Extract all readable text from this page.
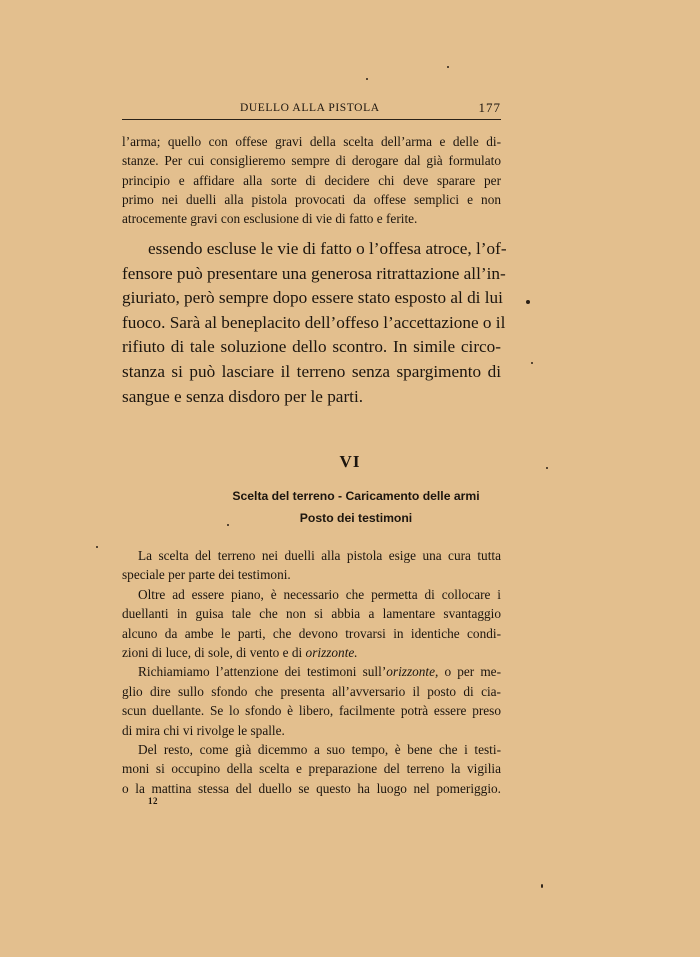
DUELLO ALLA PISTOLA	177
l’arma; quello con offese gravi della scelta dell’arma e delle di-
stanze. Per cui consiglieremo sempre di derogare dal già formulato
principio e affidare alla sorte di decidere chi deve sparare per
primo nei duelli alla pistola provocati da offese semplici e non
atrocemente gravi con esclusione di vie di fatto e ferite.
essendo escluse le vie di fatto o l’offesa atroce, l’of-
fensore può presentare una generosa ritrattazione all’in-
giuriato, però sempre dopo essere stato esposto al di lui
fuoco. Sarà al beneplacito dell’offeso l’accettazione o il
rifiuto di tale soluzione dello scontro. In simile circo-
stanza si può lasciare il terreno senza spargimento di
sangue e senza disdoro per le parti.
VI
Scelta del terreno - Caricamento delle armi
Posto dei testimoni
La scelta del terreno nei duelli alla pistola esige una cura tutta
speciale per parte dei testimoni.
Oltre ad essere piano, è necessario che permetta di collocare i
duellanti in guisa tale che non si abbia a lamentare svantaggio
alcuno da ambe le parti, che devono trovarsi in identiche condi-
zioni di luce, di sole, di vento e di orizzonte.
Richiamiamo l’attenzione dei testimoni sull’orizzonte, o per me-
glio dire sullo sfondo che presenta all’avversario il posto di cia-
scun duellante. Se lo sfondo è libero, facilmente potrà essere preso
di mira chi vi rivolge le spalle.
Del resto, come già dicemmo a suo tempo, è bene che i testi-
moni si occupino della scelta e preparazione del terreno la vigilia
o la mattina stessa del duello se questo ha luogo nel pomeriggio.
12
